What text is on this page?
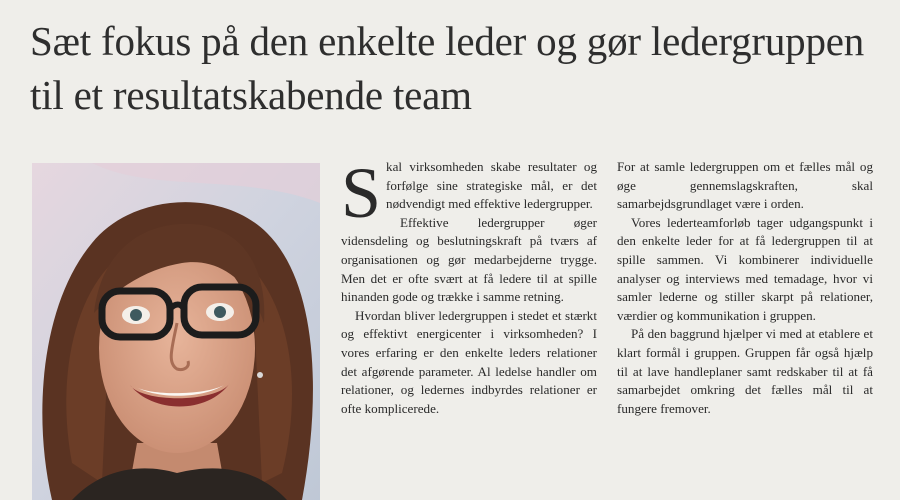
Sæt fokus på den enkelte leder og gør ledergruppen
til et resultatskabende team

Skal virksomheden skabe resultater og forfølge sine strategiske mål, er det nødvendigt med effektive ledergrupper.

Effektive ledergrupper øger vidensdeling og beslutningskraft på tværs af organisationen og gør medarbejderne trygge. Men det er ofte svært at få ledere til at spille hinanden gode og trække i samme retning.

Hvordan bliver ledergruppen i stedet et stærkt og effektivt energicenter i virksomheden? I vores erfaring er den enkelte leders relationer det afgørende parameter. Al ledelse handler om relationer, og ledernes indbyrdes relationer er ofte komplicerede.

For at samle ledergruppen om et fælles mål og øge gennemslagskraften, skal samarbejdsgrundlaget være i orden.

Vores lederteamforløb tager udgangspunkt i den enkelte leder for at få ledergruppen til at spille sammen. Vi kombinerer individuelle analyser og interviews med temadage, hvor vi samler lederne og stiller skarpt på relationer, værdier og kommunikation i gruppen.

På den baggrund hjælper vi med at etablere et klart formål i gruppen. Gruppen får også hjælp til at lave handleplaner samt redskaber til at få samarbejdet omkring det fælles mål til at fungere fremover.
